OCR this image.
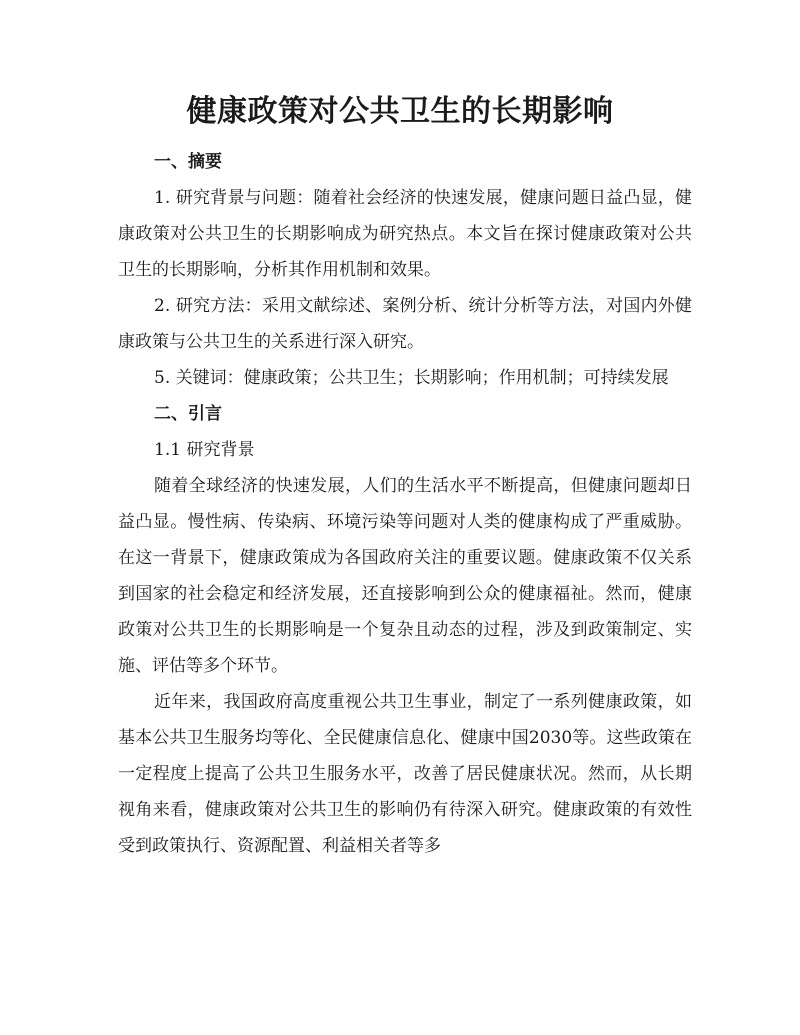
健康政策对公共卫生的长期影响

一、摘要

1. 研究背景与问题：随着社会经济的快速发展，健康问题日益凸显，健康政策对公共卫生的长期影响成为研究热点。本文旨在探讨健康政策对公共卫生的长期影响，分析其作用机制和效果。

2. 研究方法：采用文献综述、案例分析、统计分析等方法，对国内外健康政策与公共卫生的关系进行深入研究。

5. 关键词：健康政策；公共卫生；长期影响；作用机制；可持续发展

二、引言

1.1 研究背景

随着全球经济的快速发展，人们的生活水平不断提高，但健康问题却日益凸显。慢性病、传染病、环境污染等问题对人类的健康构成了严重威胁。在这一背景下，健康政策成为各国政府关注的重要议题。健康政策不仅关系到国家的社会稳定和经济发展，还直接影响到公众的健康福祉。然而，健康政策对公共卫生的长期影响是一个复杂且动态的过程，涉及到政策制定、实施、评估等多个环节。

近年来，我国政府高度重视公共卫生事业，制定了一系列健康政策，如基本公共卫生服务均等化、全民健康信息化、健康中国2030等。这些政策在一定程度上提高了公共卫生服务水平，改善了居民健康状况。然而，从长期视角来看，健康政策对公共卫生的影响仍有待深入研究。健康政策的有效性受到政策执行、资源配置、利益相关者等多
